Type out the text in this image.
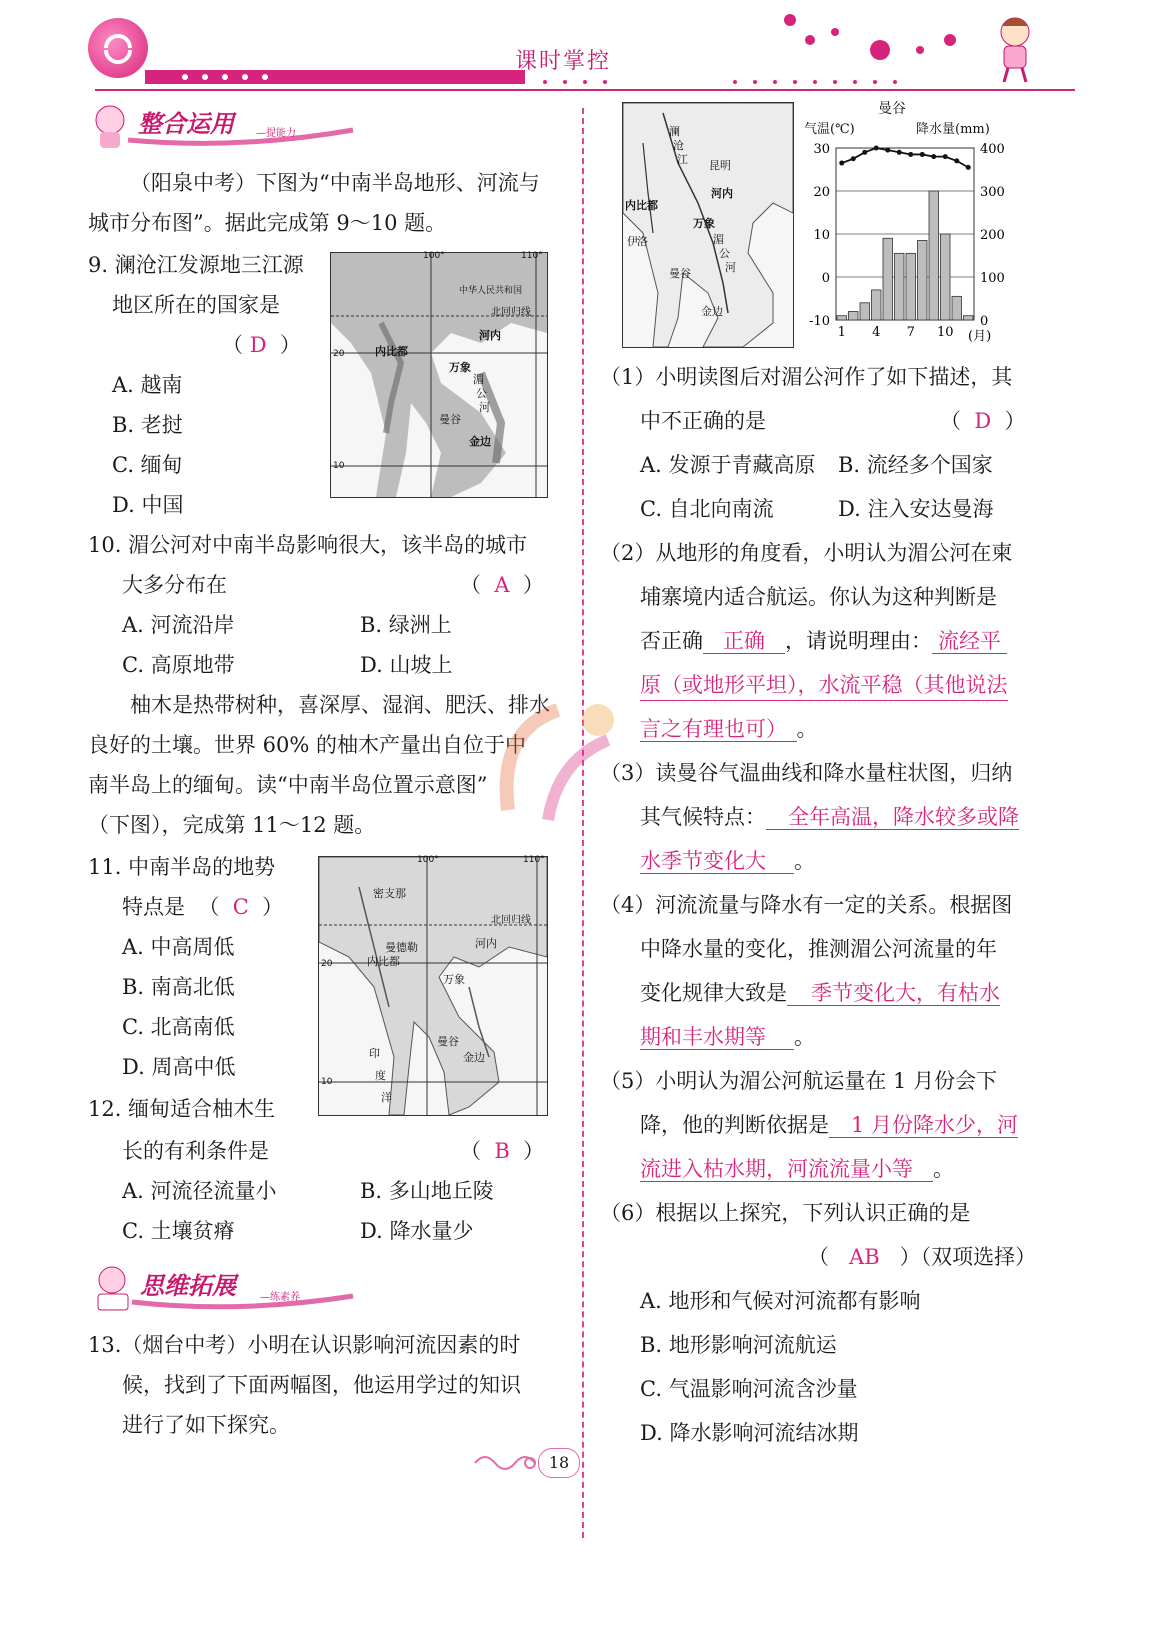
课时掌控
整合运用 —提能力
（阳泉中考）下图为“中南半岛地形、河流与
城市分布图”。据此完成第 9～10 题。
9. 澜沧江发源地三江源
地区所在的国家是
（ D ）
A. 越南
B. 老挝
C. 缅甸
D. 中国
100°	110°
中华人民共和国
北回归线
20
10
内比都
河内
万象
曼谷
金边
湄
公
河
10. 湄公河对中南半岛影响很大，该半岛的城市
大多分布在	（  A  ）
A. 河流沿岸	B. 绿洲上
C. 高原地带	D. 山坡上
柚木是热带树种，喜深厚、湿润、肥沃、排水
良好的土壤。世界 60% 的柚木产量出自位于中
南半岛上的缅甸。读“中南半岛位置示意图”
（下图），完成第 11～12 题。
11. 中南半岛的地势
特点是  （  C  ）
A. 中高周低
B. 南高北低
C. 北高南低
D. 周高中低
100°	110°
北回归线
20
10
密支那
曼德勒
内比都
河内
万象
曼谷
金边
印
度
洋
12. 缅甸适合柚木生
长的有利条件是	（  B  ）
A. 河流径流量小	B. 多山地丘陵
C. 土壤贫瘠	D. 降水量少
思维拓展 —练素养
13.（烟台中考）小明在认识影响河流因素的时
候，找到了下面两幅图，他运用学过的知识
进行了如下探究。
昆明
河内
内比都
万象
曼谷
金边
澜
沧
江
湄
公
河
伊 洛
曼谷
气温(℃)	降水量(mm)
30	400
20	300
10	200
0	100
-10	0
1 4 7 10 (月)
（1）小明读图后对湄公河作了如下描述，其
中不正确的是	（  D  ）
A. 发源于青藏高原 B. 流经多个国家
C. 自北向南流	D. 注入安达曼海
（2）从地形的角度看，小明认为湄公河在柬
埔寨境内适合航运。你认为这种判断是
否正确 正确 ，请说明理由： 流经平
原（或地形平坦），水流平稳（其他说法
言之有理也可） 。
（3）读曼谷气温曲线和降水量柱状图，归纳
其气候特点： 全年高温，降水较多或降
水季节变化大 。
（4）河流流量与降水有一定的关系。根据图
中降水量的变化，推测湄公河流量的年
变化规律大致是 季节变化大，有枯水
期和丰水期等 。
（5）小明认为湄公河航运量在 1 月份会下
降，他的判断依据是 1 月份降水少，河
流进入枯水期，河流流量小等 。
（6）根据以上探究，下列认识正确的是
（   AB   ）（双项选择）
A. 地形和气候对河流都有影响
B. 地形影响河流航运
C. 气温影响河流含沙量
D. 降水影响河流结冰期
18
